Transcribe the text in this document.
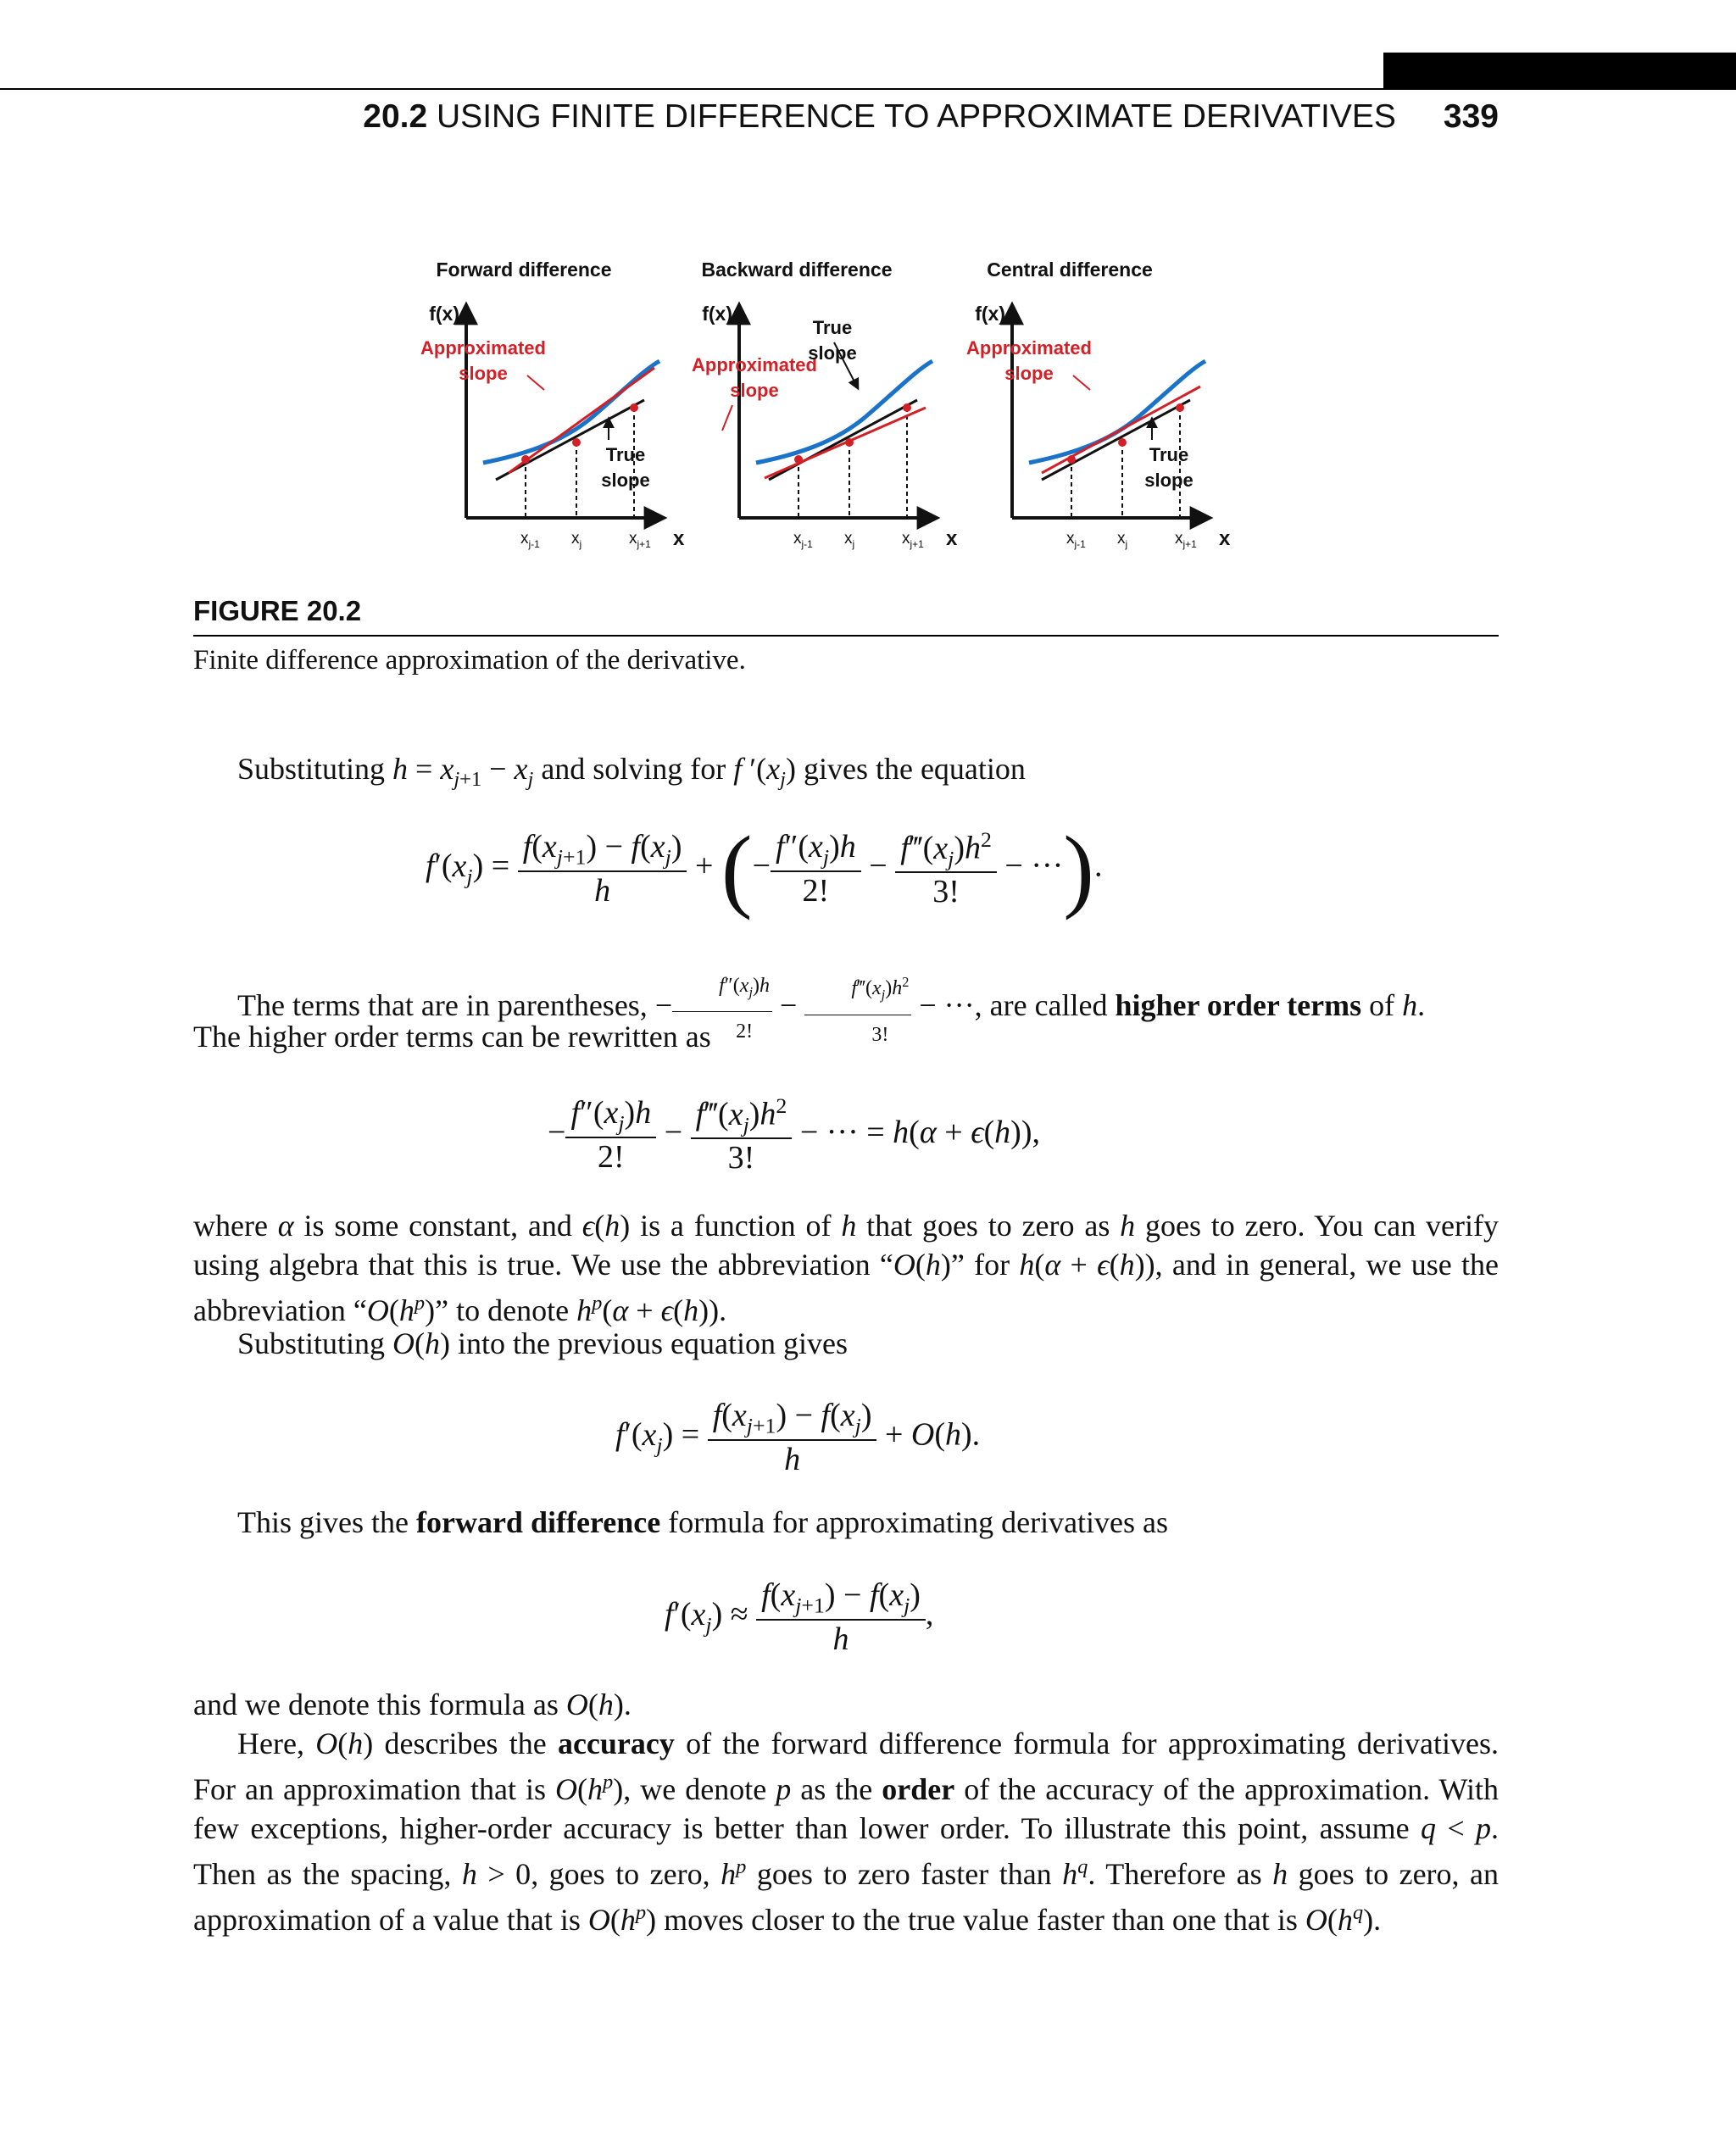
20.2 USING FINITE DIFFERENCE TO APPROXIMATE DERIVATIVES 339
Forward difference
f(x)
$x_{j-1}$ $x_j$	$x_{j+1}$ x
Approximated
slope
True
slope
Backward difference
f(x)
$x_{j-1}$ $x_j$	$x_{j+1}$ x
Approximated
slope
True
slope
Central difference
f(x)
$x_{j-1}$ $x_j$	$x_{j+1}$ x
Approximated
slope
True
slope
FIGURE 20.2
Finite difference approximation of the derivative.
Substituting $h = x_{j+1} - x_j$ and solving for f $'(x_j)$ gives the equation
$f'(x_j) = \frac{f(x_{j+1}) - f(x_j)}{h}$ + (− $\frac{f''(x_j)h}{2!} - \frac{f‴(x_j)h^2}{3!}$ − ···).
The terms that are in parentheses, − $\frac{f''(x_j)h}{2!} - \frac{f‴(x_j)h^2}{3!}$ − ···, are called higher order terms of h.
The higher order terms can be rewritten as
− $\frac{f''(x_j)h}{2!} - \frac{f‴(x_j)h^2}{3!}$ − ··· = h(α + ϵ(h)),
where α is some constant, and ϵ(h) is a function of h that goes to zero as h goes to zero. You can verify using algebra that this is true. We use the abbreviation “O(h)” for h(α + ϵ(h)), and in general, we use the abbreviation “$O(h^p)$” to denote $h^p(\alpha + \epsilon(h))$.
Substituting O(h) into the previous equation gives
$f'(x_j) = \frac{f(x_{j+1}) - f(x_j)}{h} + O(h)$.
This gives the forward difference formula for approximating derivatives as
$f'(x_j) \approx \frac{f(x_{j+1}) - f(x_j)}{h}$ ,
and we denote this formula as O(h).
Here, O(h) describes the accuracy of the forward difference formula for approximating derivatives. For an approximation that is $O(h^p)$, we denote p as the order of the accuracy of the approximation. With few exceptions, higher-order accuracy is better than lower order. To illustrate this point, assume q < p. Then as the spacing, h > 0, goes to zero, $h^p$ goes to zero faster than $h^q$. Therefore as h goes to zero, an approximation of a value that is $O(h^p)$ moves closer to the true value faster than one that is $O(h^q)$.
